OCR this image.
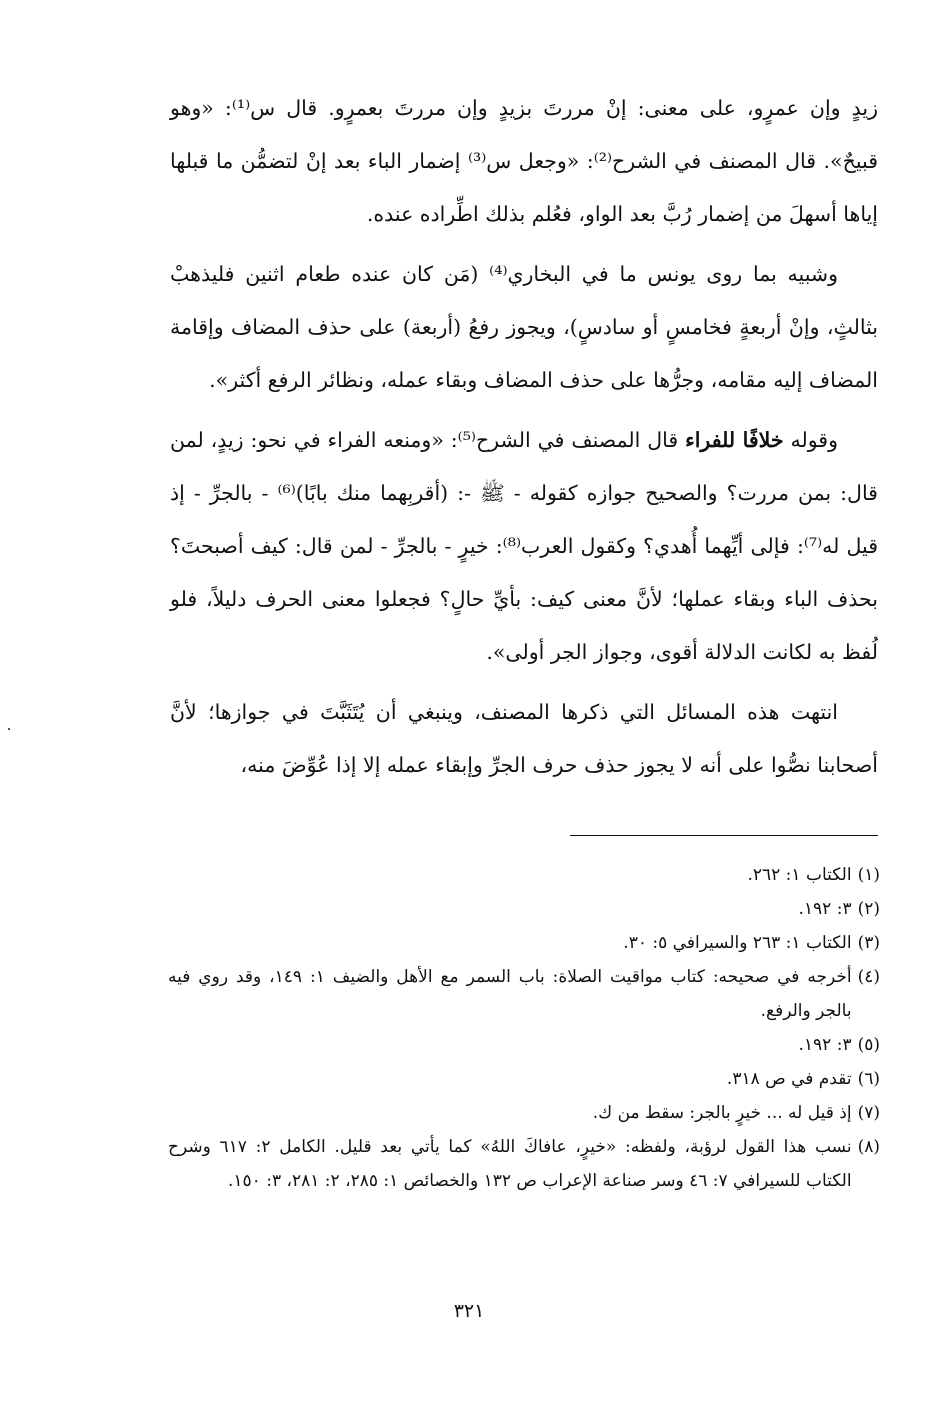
زيدٍ وإن عمرٍو، على معنى: إنْ مررتَ بزيدٍ وإن مررتَ بعمرٍو. قال س⁽¹⁾: «وهو قبيحٌ». قال المصنف في الشرح⁽²⁾: «وجعل س⁽³⁾ إضمار الباء بعد إنْ لتضمُّن ما قبلها إياها أسهلَ من إضمار رُبَّ بعد الواو، فعُلم بذلك اطِّراده عنده.

وشبيه بما روى يونس ما في البخاري⁽⁴⁾ (مَن كان عنده طعام اثنين فليذهبْ بثالثٍ، وإنْ أربعةٍ فخامسٍ أو سادسٍ)، ويجوز رفعُ (أربعة) على حذف المضاف وإقامة المضاف إليه مقامه، وجرُّها على حذف المضاف وبقاء عمله، ونظائر الرفع أكثر».

وقوله خلافًا للفراء قال المصنف في الشرح⁽⁵⁾: «ومنعه الفراء في نحو: زيدٍ، لمن قال: بمن مررت؟ والصحيح جوازه كقوله - ﷺ -: (أقربِهما منك بابًا)⁽⁶⁾ - بالجرِّ - إذ قيل له⁽⁷⁾: فإلى أيِّهما أُهدي؟ وكقول العرب⁽⁸⁾: خيرٍ - بالجرِّ - لمن قال: كيف أصبحتَ؟ بحذف الباء وبقاء عملها؛ لأنَّ معنى كيف: بأيِّ حالٍ؟ فجعلوا معنى الحرف دليلاً، فلو لُفظ به لكانت الدلالة أقوى، وجواز الجر أولى».

انتهت هذه المسائل التي ذكرها المصنف، وينبغي أن يُتَثَبَّتَ في جوازها؛ لأنَّ أصحابنا نصُّوا على أنه لا يجوز حذف حرف الجرِّ وإبقاء عمله إلا إذا عُوِّضَ منه،

(١)
الكتاب ١: ٢٦٢.
(٢)
٣: ١٩٢.
(٣)
الكتاب ١: ٢٦٣ والسيرافي ٥: ٣٠.
(٤)
أخرجه في صحيحه: كتاب مواقيت الصلاة: باب السمر مع الأهل والضيف ١: ١٤٩، وقد روي فيه بالجر والرفع.
(٥)
٣: ١٩٢.
(٦)
تقدم في ص ٣١٨.
(٧)
إذ قيل له ... خيرٍ بالجر: سقط من ك.
(٨)
نسب هذا القول لرؤبة، ولفظه: «خيرٍ، عافاكَ اللهُ» كما يأتي بعد قليل. الكامل ٢: ٦١٧ وشرح الكتاب للسيرافي ٧: ٤٦ وسر صناعة الإعراب ص ١٣٢ والخصائص ١: ٢٨٥، ٢: ٢٨١، ٣: ١٥٠.
٣٢١
